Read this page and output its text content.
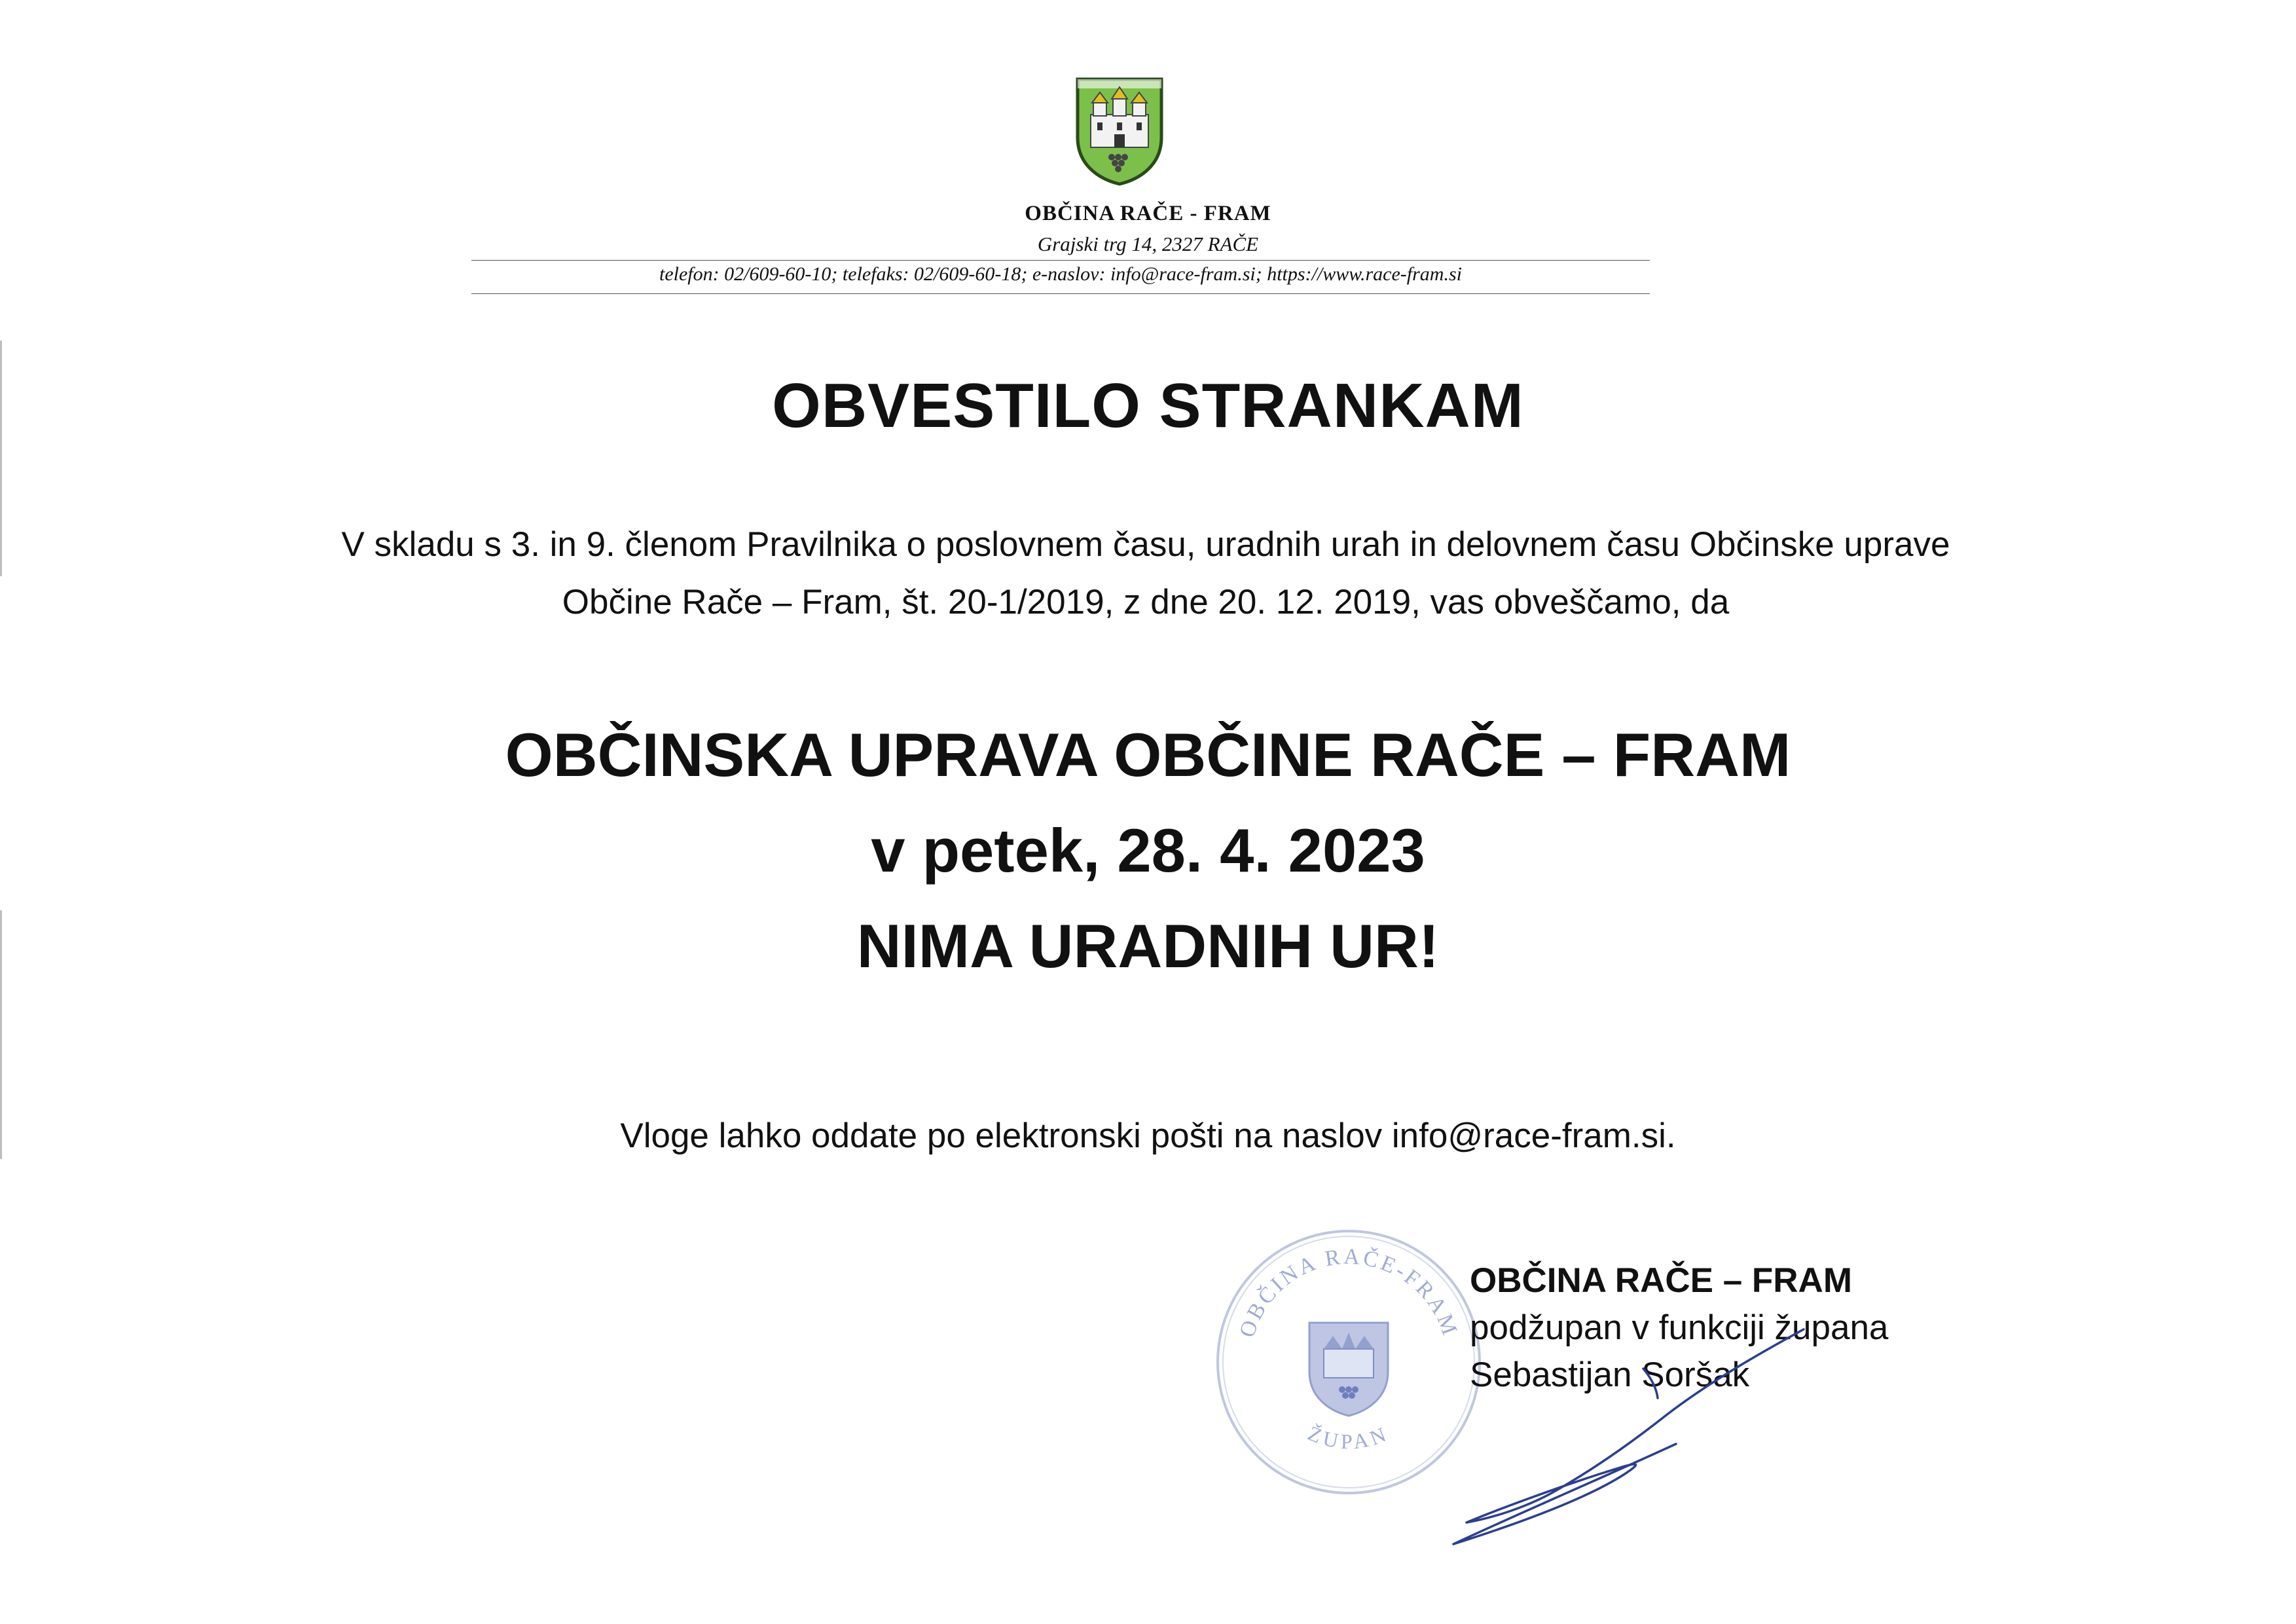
OBČINA RAČE - FRAM
Grajski trg 14, 2327 RAČE
telefon: 02/609-60-10; telefaks: 02/609-60-18; e-naslov: info@race-fram.si; https://www.race-fram.si
OBVESTILO STRANKAM
V skladu s 3. in 9. členom Pravilnika o poslovnem času, uradnih urah in delovnem času Občinske uprave
Občine Rače – Fram, št. 20-1/2019, z dne 20. 12. 2019, vas obveščamo, da
OBČINSKA UPRAVA OBČINE RAČE – FRAM
v petek, 28. 4. 2023
NIMA URADNIH UR!
Vloge lahko oddate po elektronski pošti na naslov info@race-fram.si.
OBČINA RAČE-FRAM
ŽUPAN
OBČINA RAČE – FRAM
podžupan v funkciji župana
Sebastijan Soršak
